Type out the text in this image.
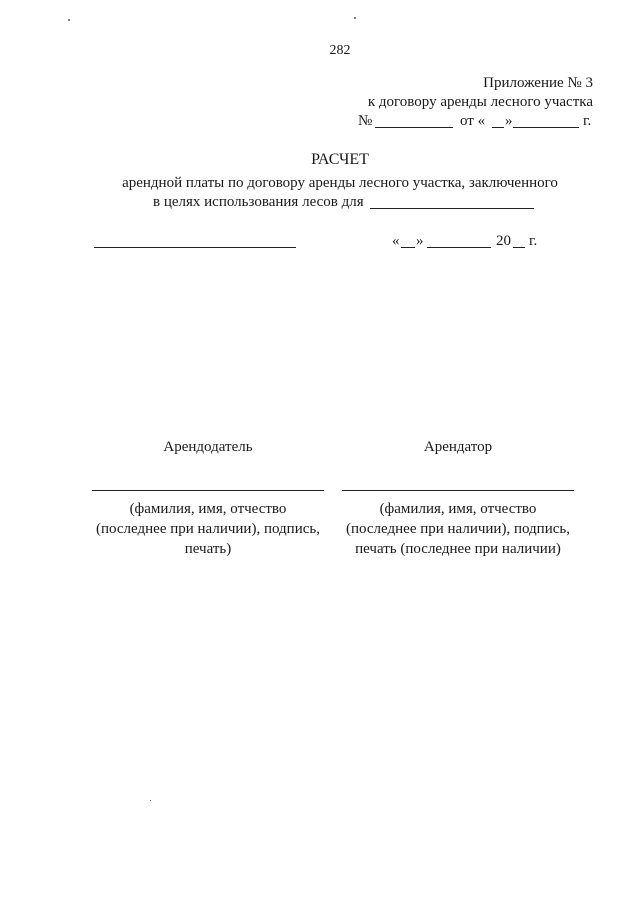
282
Приложение № 3
к договору аренды лесного участка
№	от « »	г.
РАСЧЕТ
арендной платы по договору аренды лесного участка, заключенного
в целях использования лесов для
« »	20 г.
Арендодатель
(фамилия, имя, отчество
(последнее при наличии), подпись,
печать)
Арендатор
(фамилия, имя, отчество
(последнее при наличии), подпись,
печать (последнее при наличии)
